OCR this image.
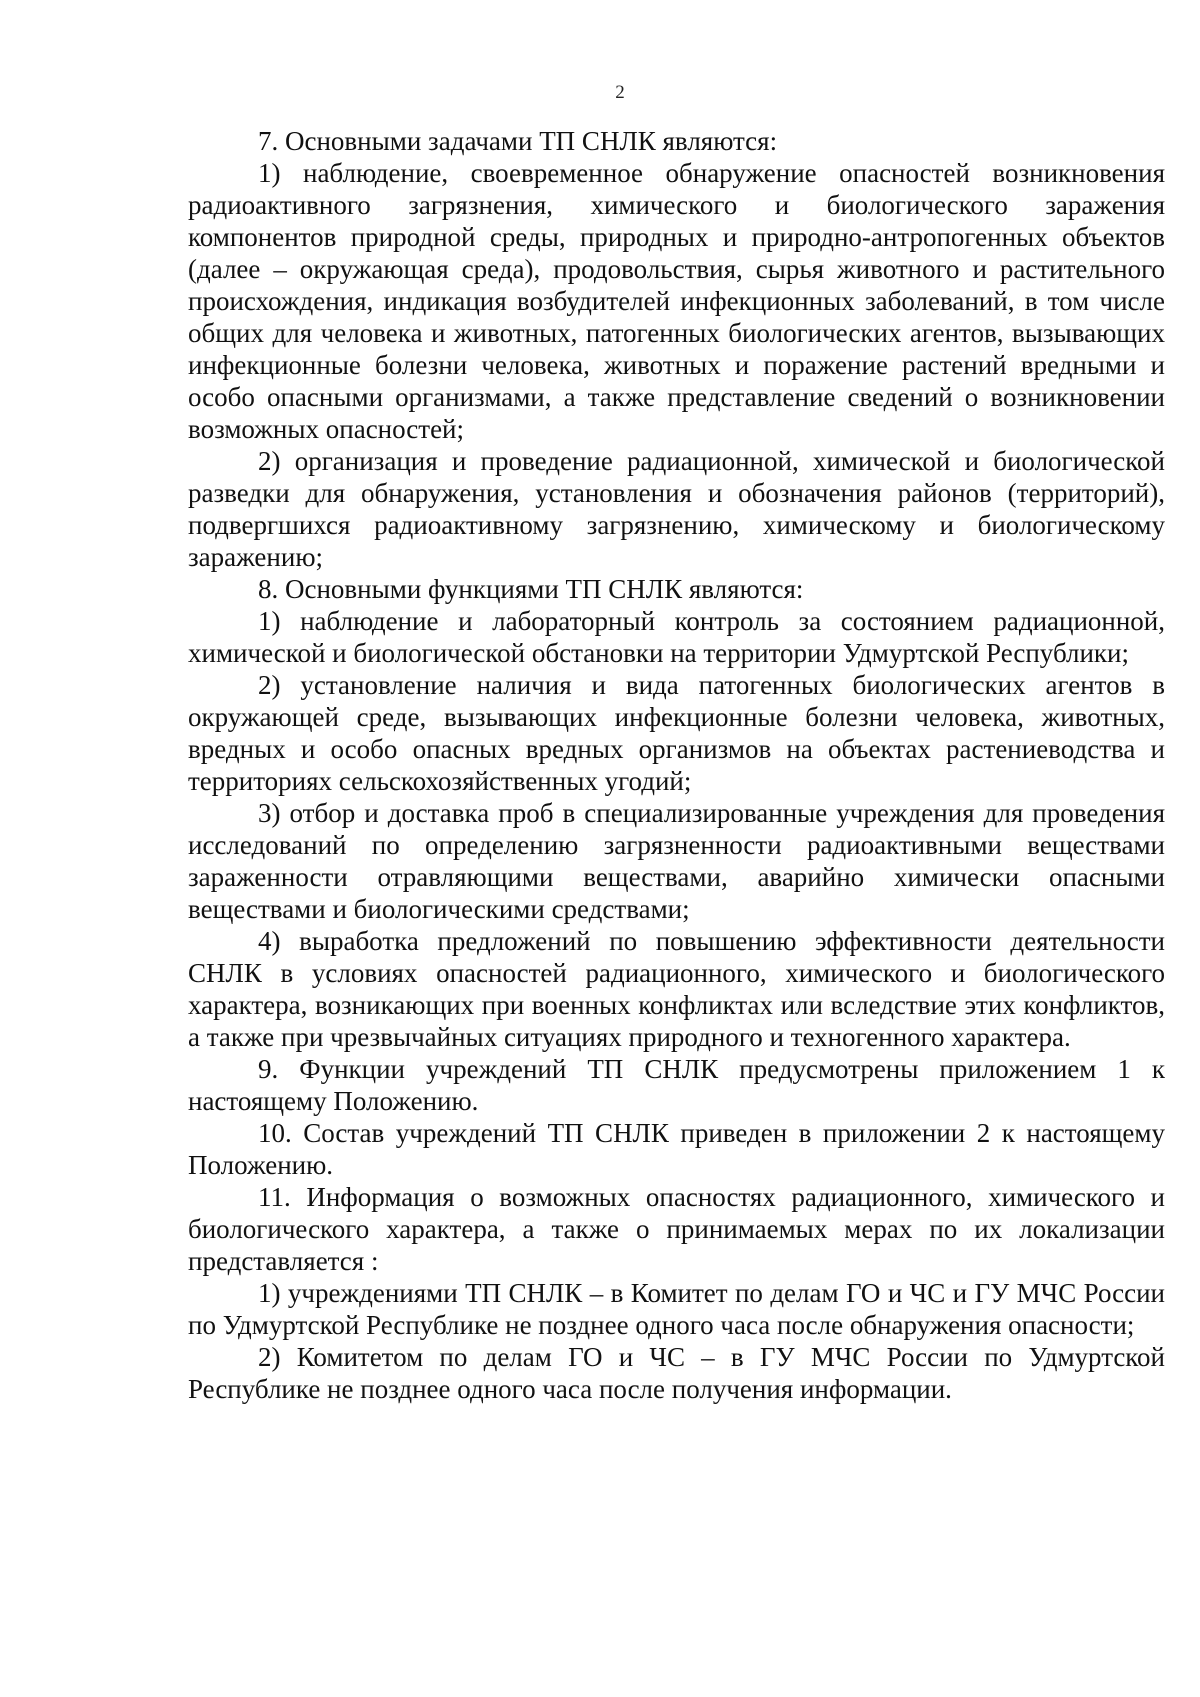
2

7. Основными задачами ТП СНЛК являются:

1) наблюдение, своевременное обнаружение опасностей возникновения радиоактивного загрязнения, химического и биологического заражения компонентов природной среды, природных и природно-антропогенных объектов (далее – окружающая среда), продовольствия, сырья животного и растительного происхождения, индикация возбудителей инфекционных заболеваний, в том числе общих для человека и животных, патогенных биологических агентов, вызывающих инфекционные болезни человека, животных и поражение растений вредными и особо опасными организмами, а также представление сведений о возникновении возможных опасностей;

2) организация и проведение радиационной, химической и биологической разведки для обнаружения, установления и обозначения районов (территорий), подвергшихся радиоактивному загрязнению, химическому и биологическому заражению;

8. Основными функциями ТП СНЛК являются:

1) наблюдение и лабораторный контроль за состоянием радиационной, химической и биологической обстановки на территории Удмуртской Республики;

2) установление наличия и вида патогенных биологических агентов в окружающей среде, вызывающих инфекционные болезни человека, животных, вредных и особо опасных вредных организмов на объектах растениеводства и территориях сельскохозяйственных угодий;

3) отбор и доставка проб в специализированные учреждения для проведения исследований по определению загрязненности радиоактивными веществами зараженности отравляющими веществами, аварийно химически опасными веществами и биологическими средствами;

4) выработка предложений по повышению эффективности деятельности СНЛК в условиях опасностей радиационного, химического и биологического характера, возникающих при военных конфликтах или вследствие этих конфликтов, а также при чрезвычайных ситуациях природного и техногенного характера.

9. Функции учреждений ТП СНЛК предусмотрены приложением 1 к настоящему Положению.

10. Состав учреждений ТП СНЛК приведен в приложении 2 к настоящему Положению.

11. Информация о возможных опасностях радиационного, химического и биологического характера, а также о принимаемых мерах по их локализации представляется :

1) учреждениями ТП СНЛК – в Комитет по делам ГО и ЧС и ГУ МЧС России по Удмуртской Республике не позднее одного часа после обнаружения опасности;

2) Комитетом по делам ГО и ЧС – в ГУ МЧС России по Удмуртской Республике не позднее одного часа после получения информации.
